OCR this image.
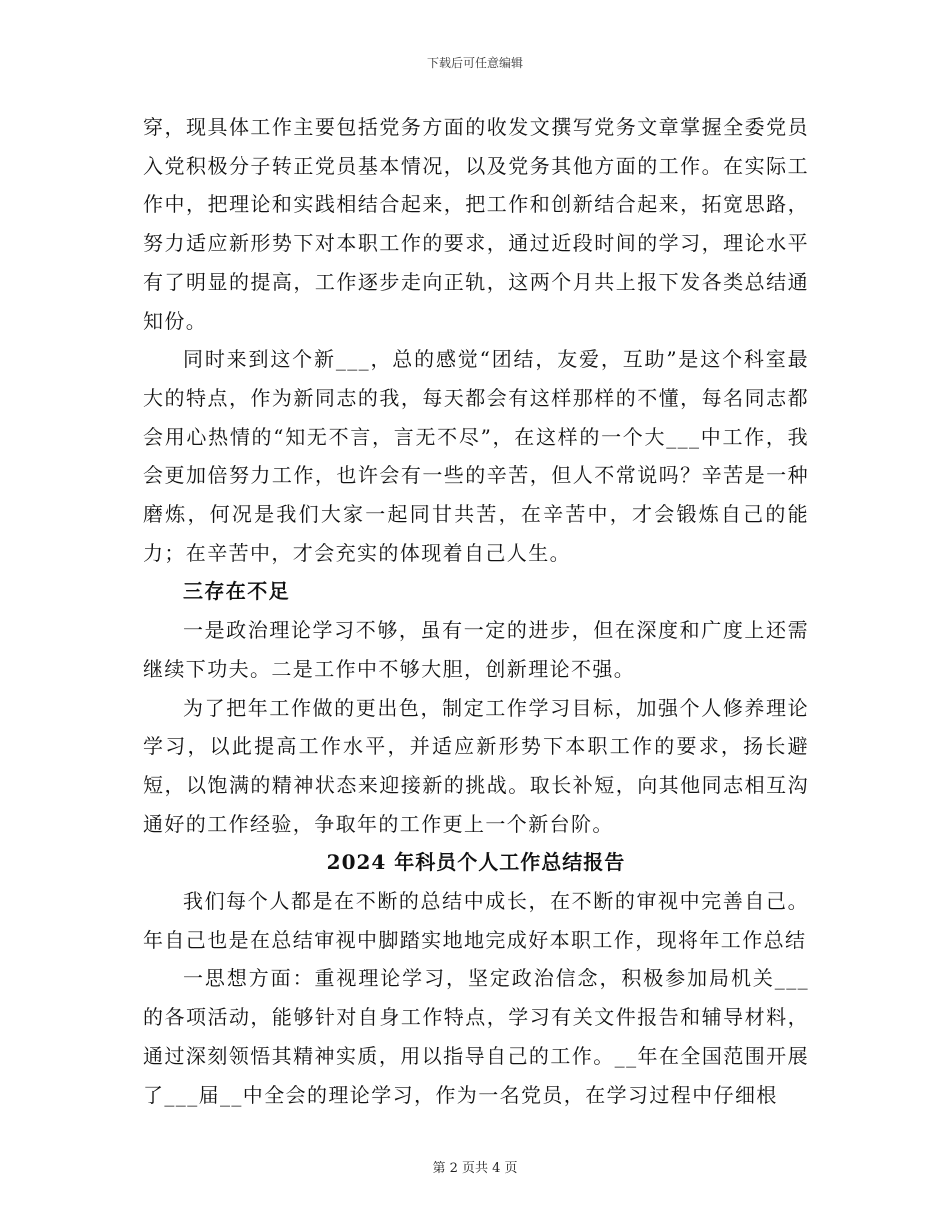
下载后可任意编辑

穿，现具体工作主要包括党务方面的收发文撰写党务文章掌握全委党员入党积极分子转正党员基本情况，以及党务其他方面的工作。在实际工作中，把理论和实践相结合起来，把工作和创新结合起来，拓宽思路，努力适应新形势下对本职工作的要求，通过近段时间的学习，理论水平有了明显的提高，工作逐步走向正轨，这两个月共上报下发各类总结通知份。

同时来到这个新___，总的感觉“团结，友爱，互助”是这个科室最大的特点，作为新同志的我，每天都会有这样那样的不懂，每名同志都会用心热情的“知无不言，言无不尽”，在这样的一个大___中工作，我会更加倍努力工作，也许会有一些的辛苦，但人不常说吗？辛苦是一种磨炼，何况是我们大家一起同甘共苦，在辛苦中，才会锻炼自己的能力；在辛苦中，才会充实的体现着自己人生。

三存在不足

一是政治理论学习不够，虽有一定的进步，但在深度和广度上还需继续下功夫。二是工作中不够大胆，创新理论不强。

为了把年工作做的更出色，制定工作学习目标，加强个人修养理论学习，以此提高工作水平，并适应新形势下本职工作的要求，扬长避短，以饱满的精神状态来迎接新的挑战。取长补短，向其他同志相互沟通好的工作经验，争取年的工作更上一个新台阶。

2024 年科员个人工作总结报告

我们每个人都是在不断的总结中成长，在不断的审视中完善自己。年自己也是在总结审视中脚踏实地地完成好本职工作，现将年工作总结

一思想方面：重视理论学习，坚定政治信念，积极参加局机关___的各项活动，能够针对自身工作特点，学习有关文件报告和辅导材料，通过深刻领悟其精神实质，用以指导自己的工作。__年在全国范围开展了___届__中全会的理论学习，作为一名党员，在学习过程中仔细根

第 2 页共 4 页
